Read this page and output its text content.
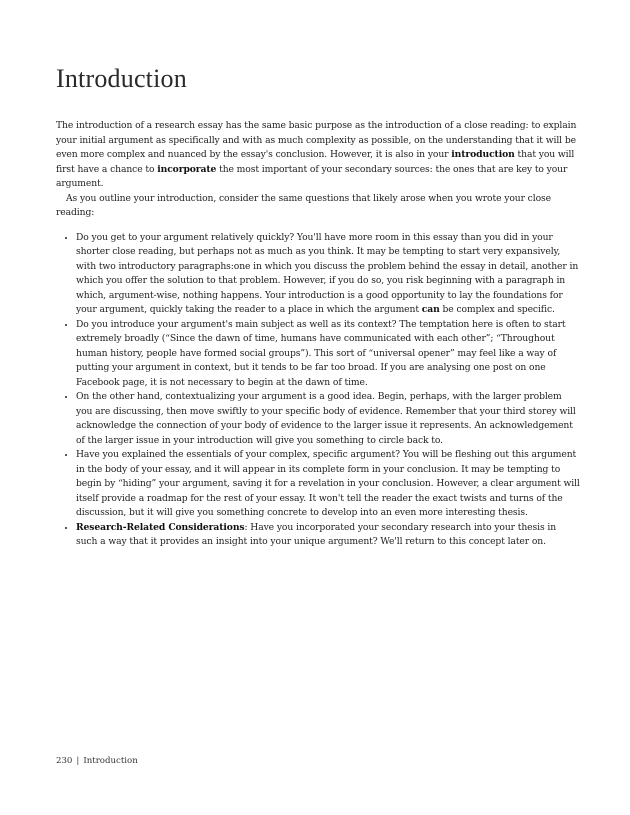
Introduction

The introduction of a research essay has the same basic purpose as the introduction of a close reading: to explain your initial argument as specifically and with as much complexity as possible, on the understanding that it will be even more complex and nuanced by the essay's conclusion. However, it is also in your introduction that you will first have a chance to incorporate the most important of your secondary sources: the ones that are key to your argument.

As you outline your introduction, consider the same questions that likely arose when you wrote your close reading:

• Do you get to your argument relatively quickly? You'll have more room in this essay than you did in your shorter close reading, but perhaps not as much as you think. It may be tempting to start very expansively, with two introductory paragraphs:one in which you discuss the problem behind the essay in detail, another in which you offer the solution to that problem. However, if you do so, you risk beginning with a paragraph in which, argument-wise, nothing happens. Your introduction is a good opportunity to lay the foundations for your argument, quickly taking the reader to a place in which the argument can be complex and specific.
• Do you introduce your argument's main subject as well as its context? The temptation here is often to start extremely broadly (“Since the dawn of time, humans have communicated with each other”; “Throughout human history, people have formed social groups”). This sort of “universal opener” may feel like a way of putting your argument in context, but it tends to be far too broad. If you are analysing one post on one Facebook page, it is not necessary to begin at the dawn of time.
• On the other hand, contextualizing your argument is a good idea. Begin, perhaps, with the larger problem you are discussing, then move swiftly to your specific body of evidence. Remember that your third storey will acknowledge the connection of your body of evidence to the larger issue it represents. An acknowledgement of the larger issue in your introduction will give you something to circle back to.
• Have you explained the essentials of your complex, specific argument? You will be fleshing out this argument in the body of your essay, and it will appear in its complete form in your conclusion. It may be tempting to begin by “hiding” your argument, saving it for a revelation in your conclusion. However, a clear argument will itself provide a roadmap for the rest of your essay. It won't tell the reader the exact twists and turns of the discussion, but it will give you something concrete to develop into an even more interesting thesis.
• Research-Related Considerations: Have you incorporated your secondary research into your thesis in such a way that it provides an insight into your unique argument? We'll return to this concept later on.
230 | Introduction
